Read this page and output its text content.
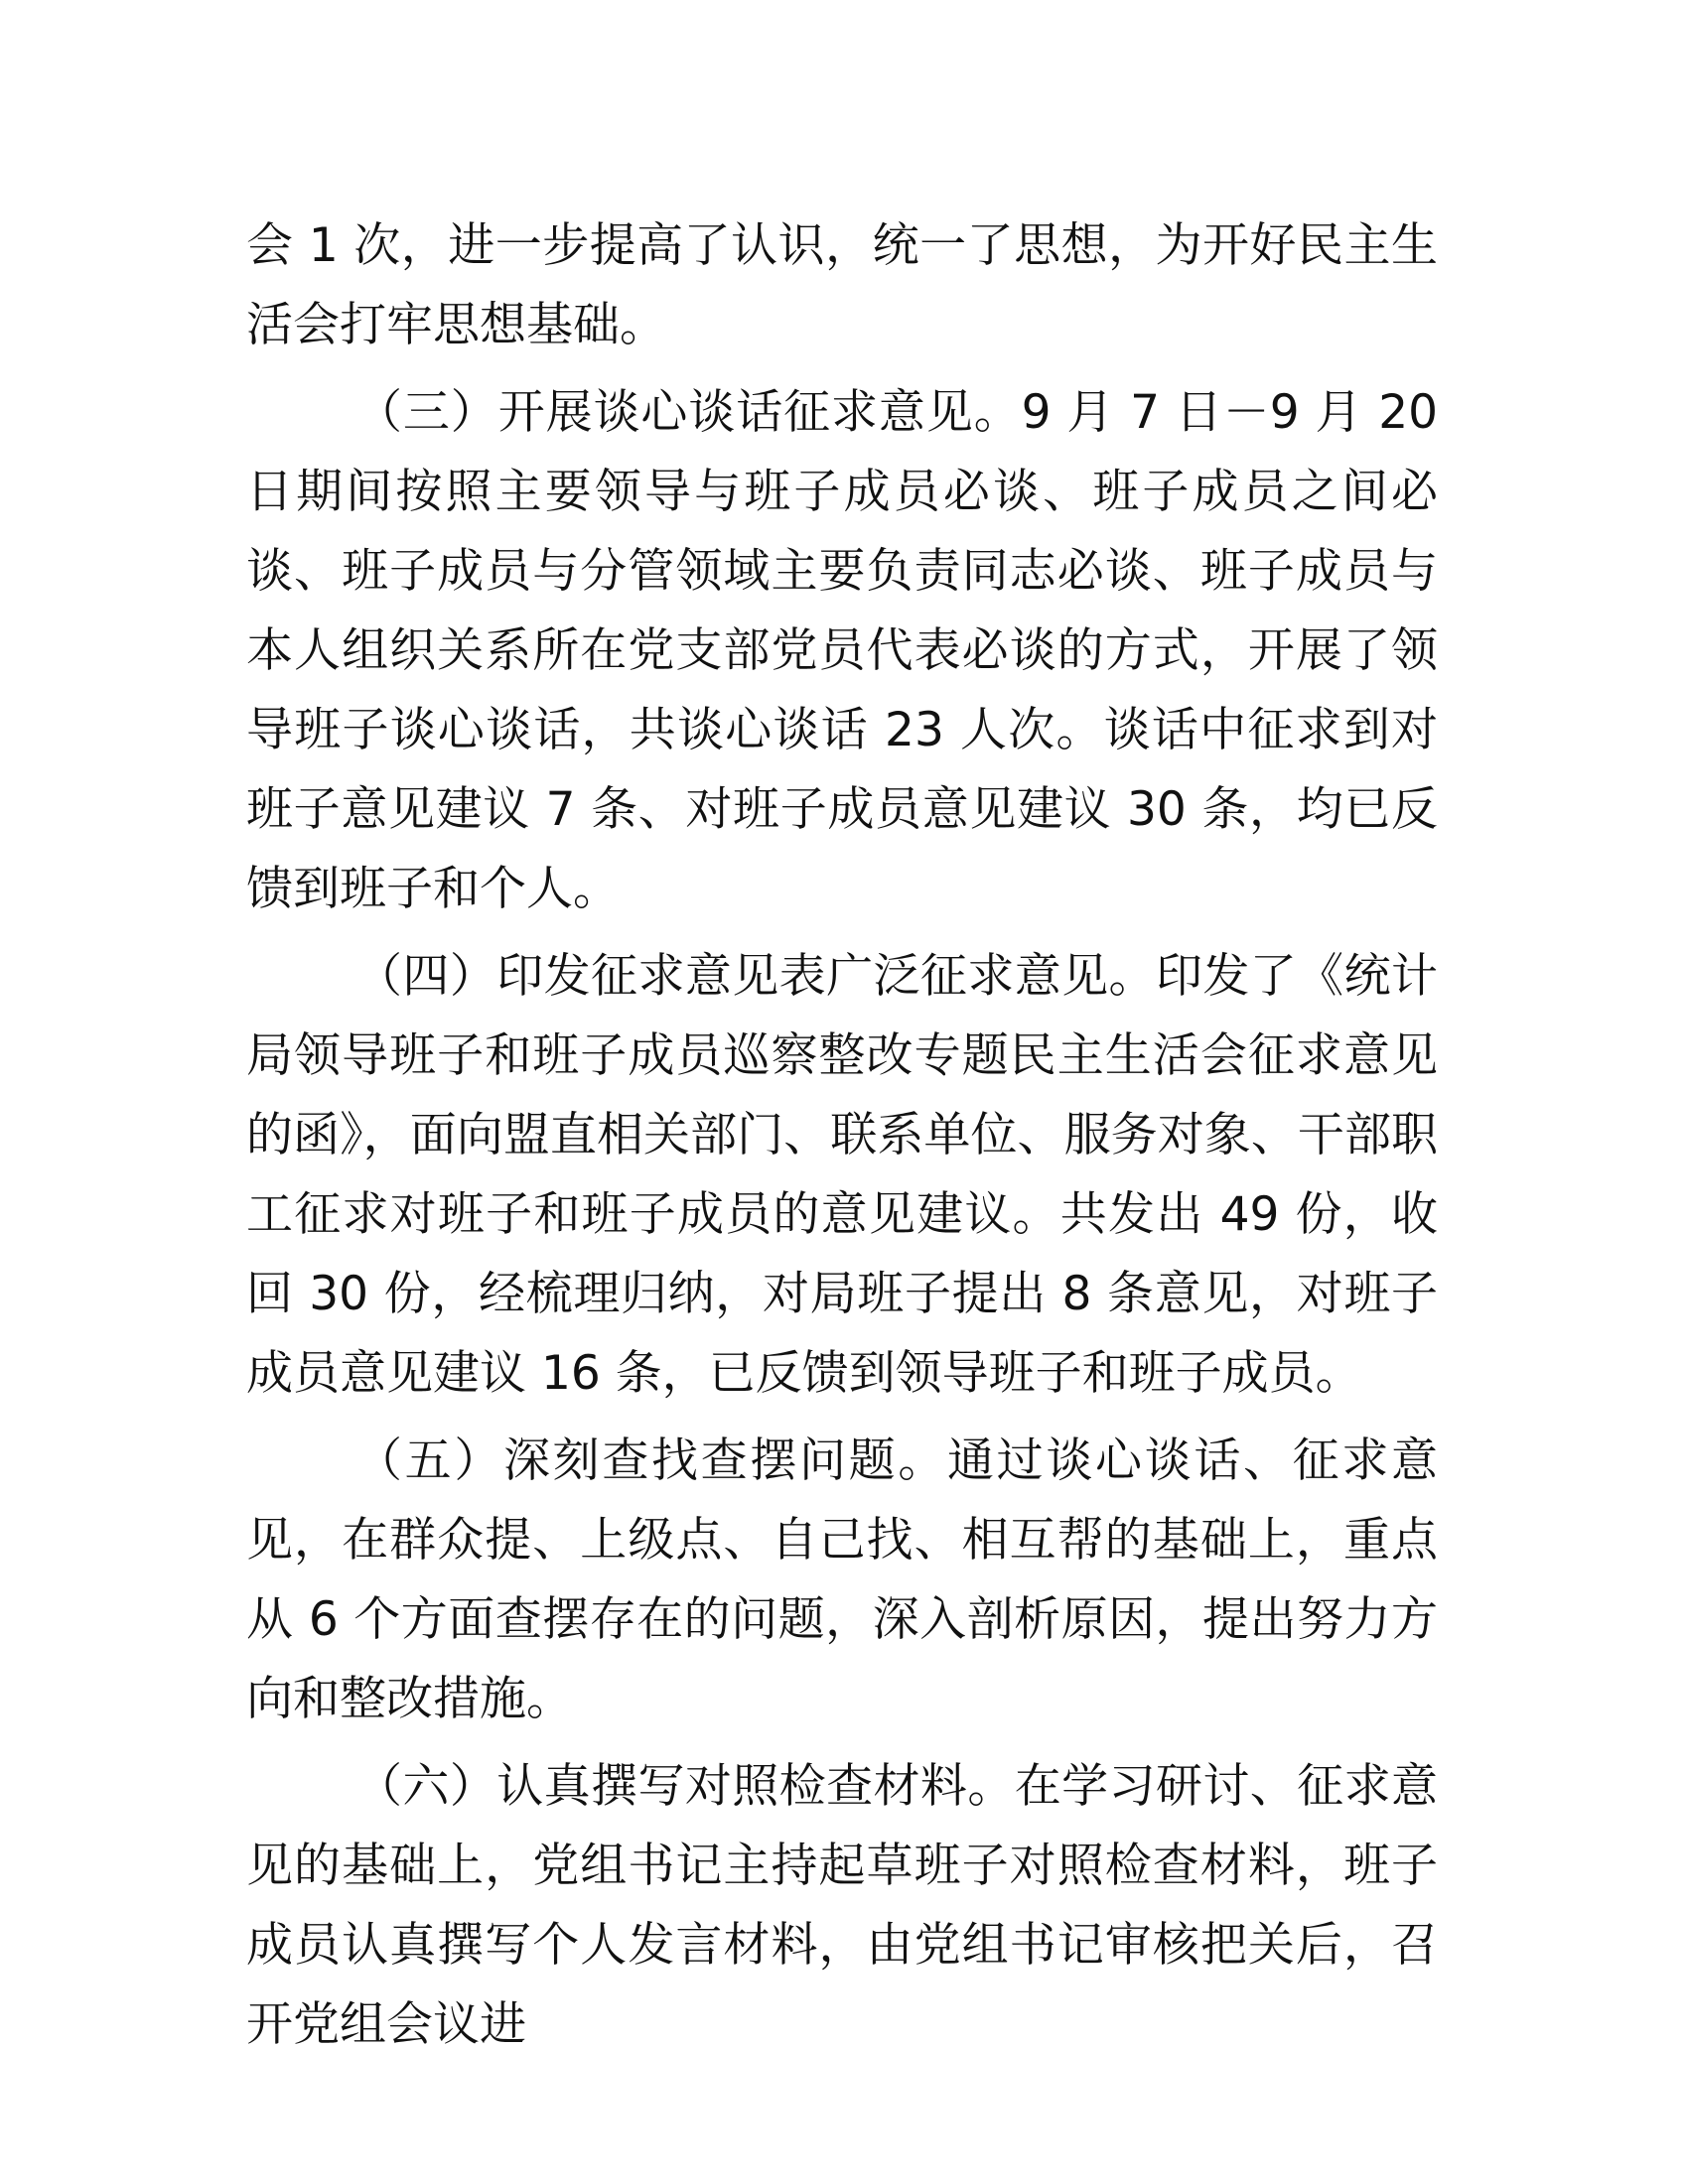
会 1 次，进一步提高了认识，统一了思想，为开好民主生活会打牢思想基础。

（三）开展谈心谈话征求意见。9 月 7 日－9 月 20 日期间按照主要领导与班子成员必谈、班子成员之间必谈、班子成员与分管领域主要负责同志必谈、班子成员与本人组织关系所在党支部党员代表必谈的方式，开展了领导班子谈心谈话，共谈心谈话 23 人次。谈话中征求到对班子意见建议 7 条、对班子成员意见建议 30 条，均已反馈到班子和个人。

（四）印发征求意见表广泛征求意见。印发了《统计局领导班子和班子成员巡察整改专题民主生活会征求意见的函》，面向盟直相关部门、联系单位、服务对象、干部职工征求对班子和班子成员的意见建议。共发出 49 份，收回 30 份，经梳理归纳，对局班子提出 8 条意见，对班子成员意见建议 16 条，已反馈到领导班子和班子成员。

（五）深刻查找查摆问题。通过谈心谈话、征求意见，在群众提、上级点、自己找、相互帮的基础上，重点从 6 个方面查摆存在的问题，深入剖析原因，提出努力方向和整改措施。

（六）认真撰写对照检查材料。在学习研讨、征求意见的基础上，党组书记主持起草班子对照检查材料，班子成员认真撰写个人发言材料，由党组书记审核把关后，召开党组会议进
